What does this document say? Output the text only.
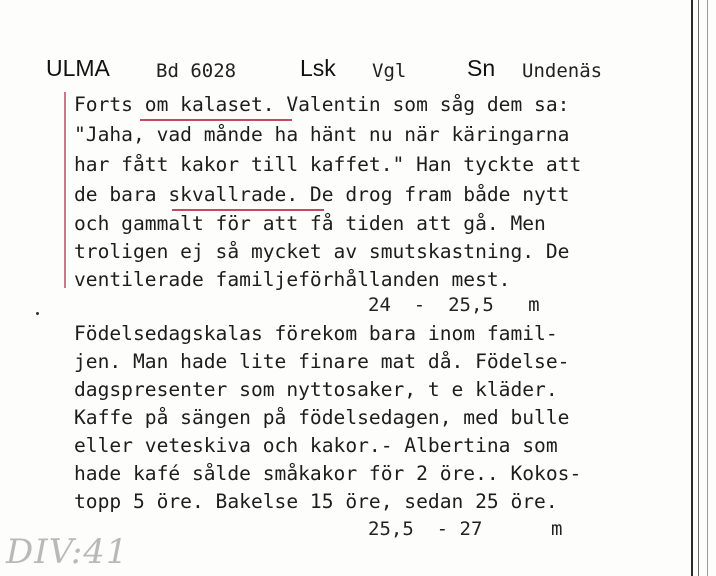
ULMA Bd 6028	Lsk Vgl	Sn Undenäs
Forts om kalaset. Valentin som såg dem sa:
"Jaha, vad månde ha hänt nu när käringarna
har fått kakor till kaffet." Han tyckte att
de bara skvallrade. De drog fram både nytt
och gammalt för att få tiden att gå. Men
troligen ej så mycket av smutskastning. De
ventilerade familjeförhållanden mest.
24  -  25,5   m
Födelsedagskalas förekom bara inom famil-
jen. Man hade lite finare mat då. Födelse-
dagspresenter som nyttosaker, t e kläder.
Kaffe på sängen på födelsedagen, med bulle
eller veteskiva och kakor.- Albertina som
hade kafé sålde småkakor för 2 öre.. Kokos-
topp 5 öre. Bakelse 15 öre, sedan 25 öre.
25,5  - 27      m
DIV:41
